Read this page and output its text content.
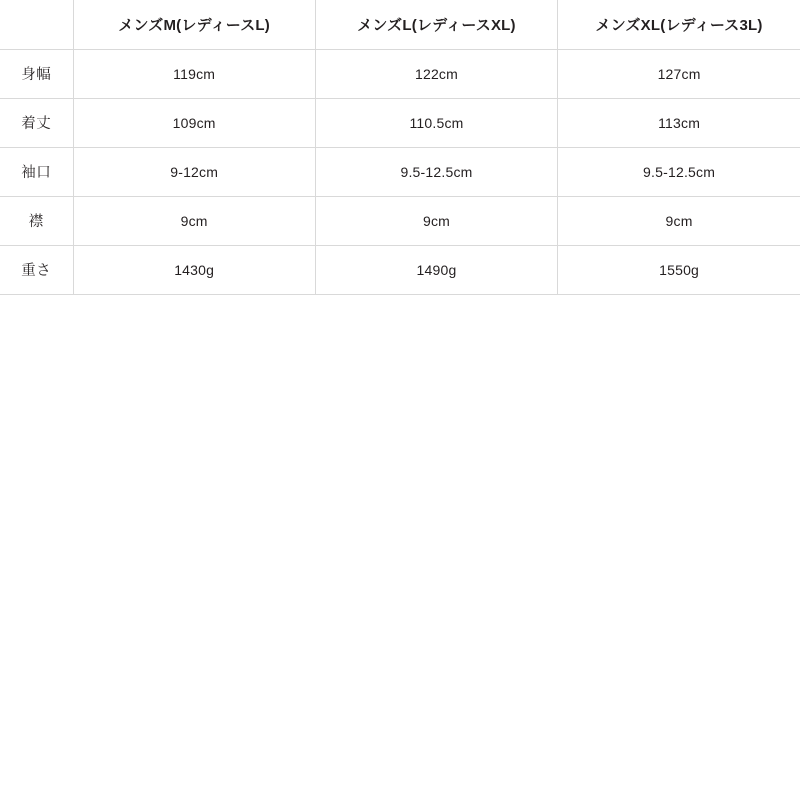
	メンズM(レディースL)	メンズL(レディースXL)	メンズXL(レディース3L)
身幅	119cm	122cm	127cm
着丈	109cm	110.5cm	113cm
袖口	9-12cm	9.5-12.5cm	9.5-12.5cm
襟	9cm	9cm	9cm
重さ	1430g	1490g	1550g
